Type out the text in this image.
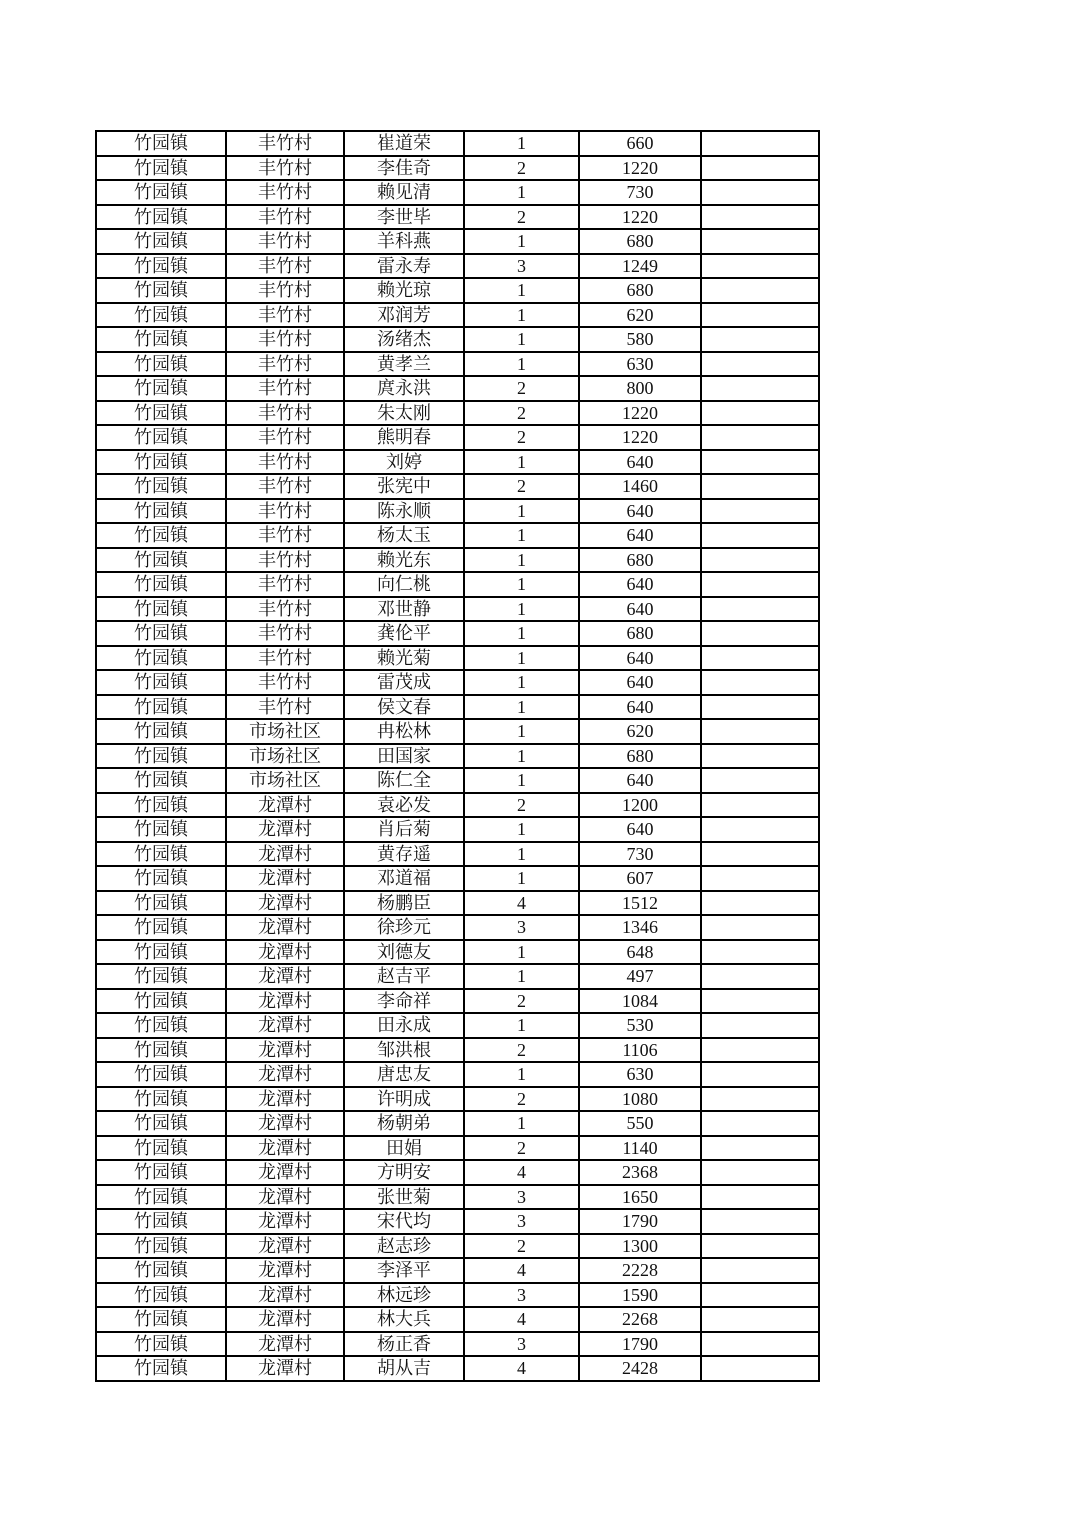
竹园镇	丰竹村	崔道荣	1	660	
竹园镇	丰竹村	李佳奇	2	1220	
竹园镇	丰竹村	赖见清	1	730	
竹园镇	丰竹村	李世毕	2	1220	
竹园镇	丰竹村	羊科燕	1	680	
竹园镇	丰竹村	雷永寿	3	1249	
竹园镇	丰竹村	赖光琼	1	680	
竹园镇	丰竹村	邓润芳	1	620	
竹园镇	丰竹村	汤绪杰	1	580	
竹园镇	丰竹村	黄孝兰	1	630	
竹园镇	丰竹村	庹永洪	2	800	
竹园镇	丰竹村	朱太刚	2	1220	
竹园镇	丰竹村	熊明春	2	1220	
竹园镇	丰竹村	刘婷	1	640	
竹园镇	丰竹村	张宪中	2	1460	
竹园镇	丰竹村	陈永顺	1	640	
竹园镇	丰竹村	杨太玉	1	640	
竹园镇	丰竹村	赖光东	1	680	
竹园镇	丰竹村	向仁桃	1	640	
竹园镇	丰竹村	邓世静	1	640	
竹园镇	丰竹村	龚伦平	1	680	
竹园镇	丰竹村	赖光菊	1	640	
竹园镇	丰竹村	雷茂成	1	640	
竹园镇	丰竹村	侯文春	1	640	
竹园镇	市场社区	冉松林	1	620	
竹园镇	市场社区	田国家	1	680	
竹园镇	市场社区	陈仁全	1	640	
竹园镇	龙潭村	袁必发	2	1200	
竹园镇	龙潭村	肖后菊	1	640	
竹园镇	龙潭村	黄存遥	1	730	
竹园镇	龙潭村	邓道福	1	607	
竹园镇	龙潭村	杨鹏臣	4	1512	
竹园镇	龙潭村	徐珍元	3	1346	
竹园镇	龙潭村	刘德友	1	648	
竹园镇	龙潭村	赵吉平	1	497	
竹园镇	龙潭村	李命祥	2	1084	
竹园镇	龙潭村	田永成	1	530	
竹园镇	龙潭村	邹洪根	2	1106	
竹园镇	龙潭村	唐忠友	1	630	
竹园镇	龙潭村	许明成	2	1080	
竹园镇	龙潭村	杨朝弟	1	550	
竹园镇	龙潭村	田娟	2	1140	
竹园镇	龙潭村	方明安	4	2368	
竹园镇	龙潭村	张世菊	3	1650	
竹园镇	龙潭村	宋代均	3	1790	
竹园镇	龙潭村	赵志珍	2	1300	
竹园镇	龙潭村	李泽平	4	2228	
竹园镇	龙潭村	林远珍	3	1590	
竹园镇	龙潭村	林大兵	4	2268	
竹园镇	龙潭村	杨正香	3	1790	
竹园镇	龙潭村	胡从吉	4	2428	
